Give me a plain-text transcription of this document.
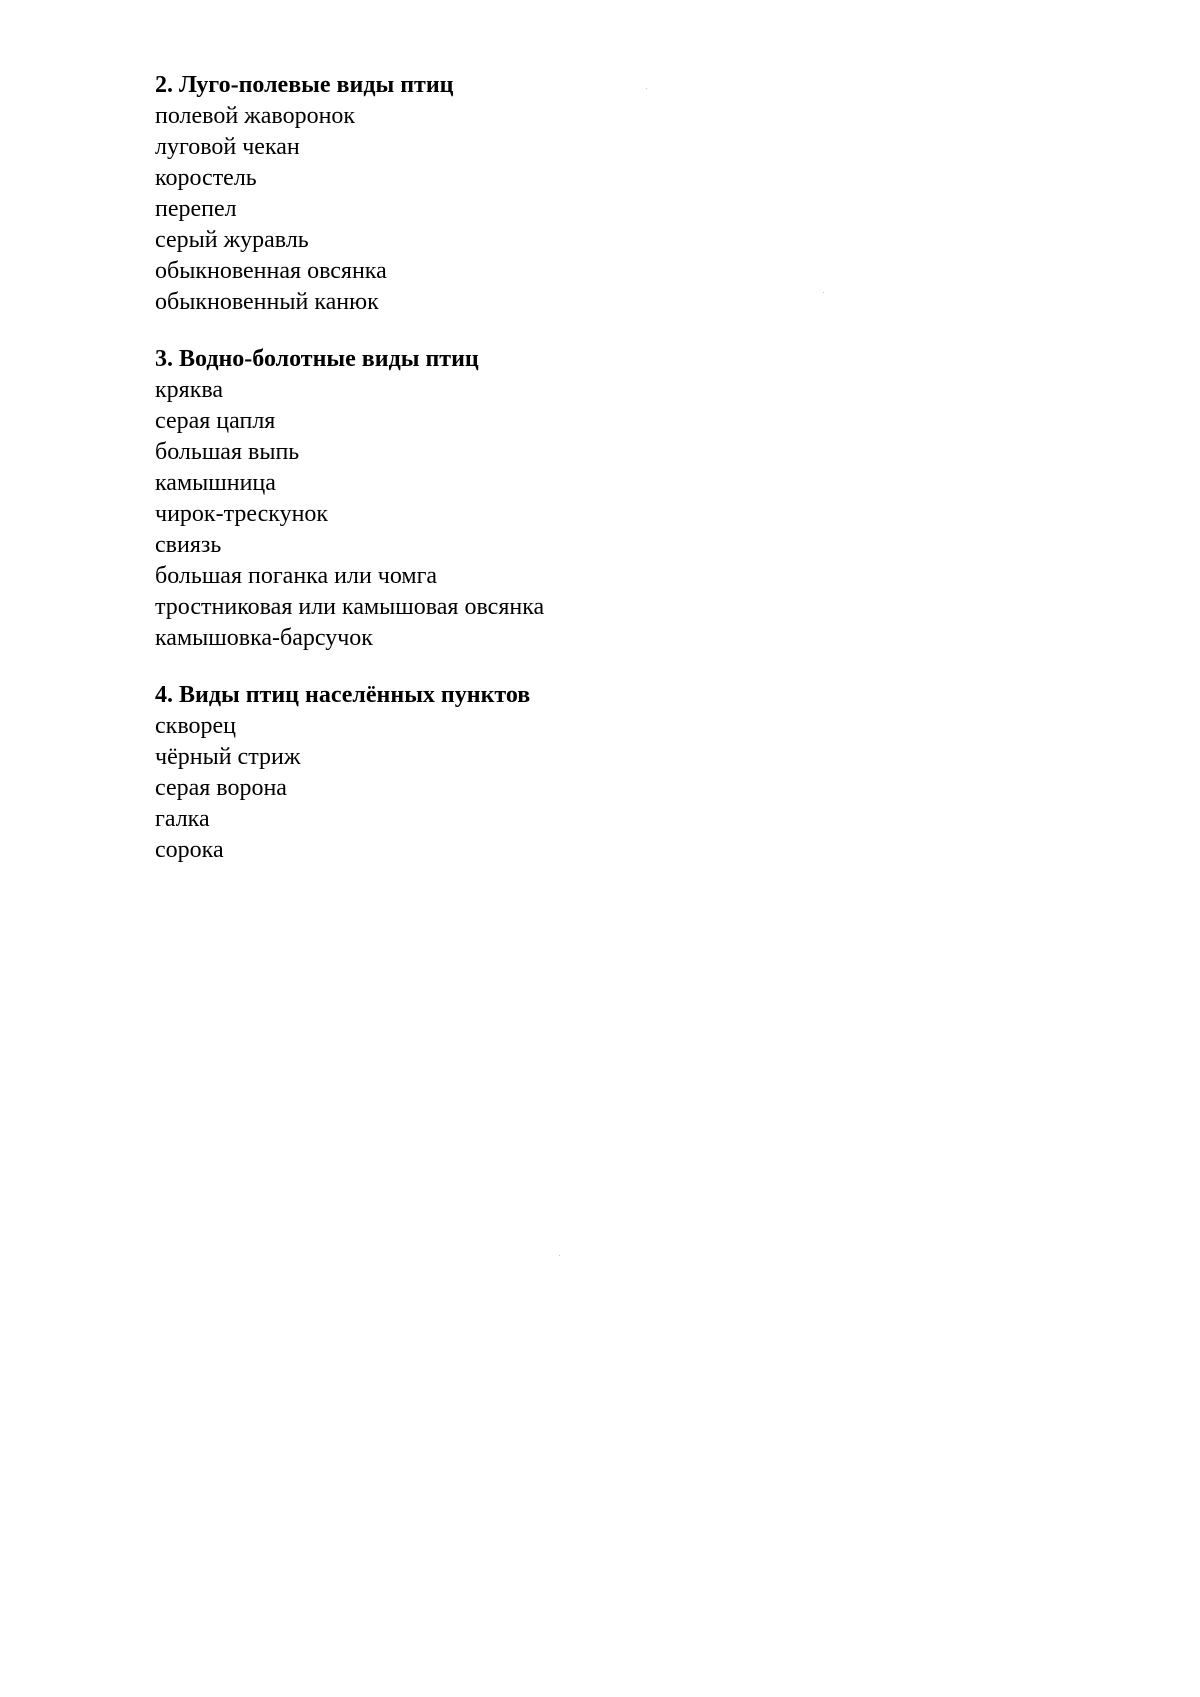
2. Луго-полевые виды птиц
полевой жаворонок
луговой чекан
коростель
перепел
серый журавль
обыкновенная овсянка
обыкновенный канюк
3. Водно-болотные виды птиц
кряква
серая цапля
большая выпь
камышница
чирок-трескунок
свиязь
большая поганка или чомга
тростниковая или камышовая овсянка
камышовка-барсучок
4. Виды птиц населённых пунктов
скворец
чёрный стриж
серая ворона
галка
сорока
